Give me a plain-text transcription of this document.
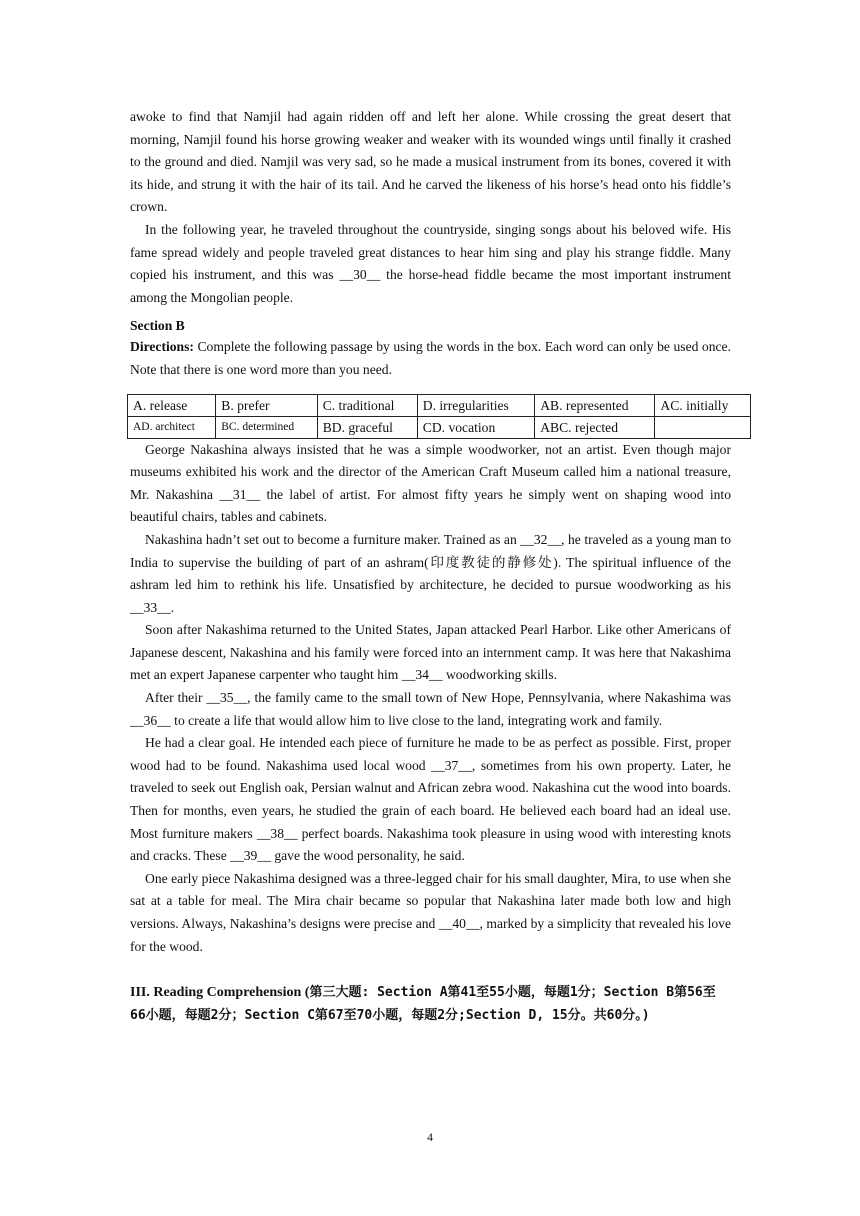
awoke to find that Namjil had again ridden off and left her alone. While crossing the great desert that morning, Namjil found his horse growing weaker and weaker with its wounded wings until finally it crashed to the ground and died. Namjil was very sad, so he made a musical instrument from its bones, covered it with its hide, and strung it with the hair of its tail. And he carved the likeness of his horse’s head onto his fiddle’s crown.

In the following year, he traveled throughout the countryside, singing songs about his beloved wife. His fame spread widely and people traveled great distances to hear him sing and play his strange fiddle. Many copied his instrument, and this was __30__ the horse-head fiddle became the most important instrument among the Mongolian people.

Section B

Directions: Complete the following passage by using the words in the box. Each word can only be used once. Note that there is one word more than you need.

A. release	B. prefer	C. traditional	D. irregularities	AB. represented	AC. initially
AD. architect	BC. determined	BD. graceful	CD. vocation	ABC. rejected	

George Nakashina always insisted that he was a simple woodworker, not an artist. Even though major museums exhibited his work and the director of the American Craft Museum called him a national treasure, Mr. Nakashina __31__ the label of artist. For almost fifty years he simply went on shaping wood into beautiful chairs, tables and cabinets.

Nakashina hadn’t set out to become a furniture maker. Trained as an __32__, he traveled as a young man to India to supervise the building of part of an ashram(印度教徒的静修处). The spiritual influence of the ashram led him to rethink his life. Unsatisfied by architecture, he decided to pursue woodworking as his __33__.

Soon after Nakashima returned to the United States, Japan attacked Pearl Harbor. Like other Americans of Japanese descent, Nakashina and his family were forced into an internment camp. It was here that Nakashima met an expert Japanese carpenter who taught him __34__ woodworking skills.

After their __35__, the family came to the small town of New Hope, Pennsylvania, where Nakashima was __36__ to create a life that would allow him to live close to the land, integrating work and family.

He had a clear goal. He intended each piece of furniture he made to be as perfect as possible. First, proper wood had to be found. Nakashima used local wood __37__, sometimes from his own property. Later, he traveled to seek out English oak, Persian walnut and African zebra wood. Nakashina cut the wood into boards. Then for months, even years, he studied the grain of each board. He believed each board had an ideal use. Most furniture makers __38__ perfect boards. Nakashima took pleasure in using wood with interesting knots and cracks. These __39__ gave the wood personality, he said.

One early piece Nakashima designed was a three-legged chair for his small daughter, Mira, to use when she sat at a table for meal. The Mira chair became so popular that Nakashina later made both low and high versions. Always, Nakashina’s designs were precise and __40__, marked by a simplicity that revealed his love for the wood.

III. Reading Comprehension (第三大题: Section A第41至55小题，每题1分；Section B第56至66小题，每题2分；Section C第67至70小题，每题2分;Section D, 15分。共60分。)
4
